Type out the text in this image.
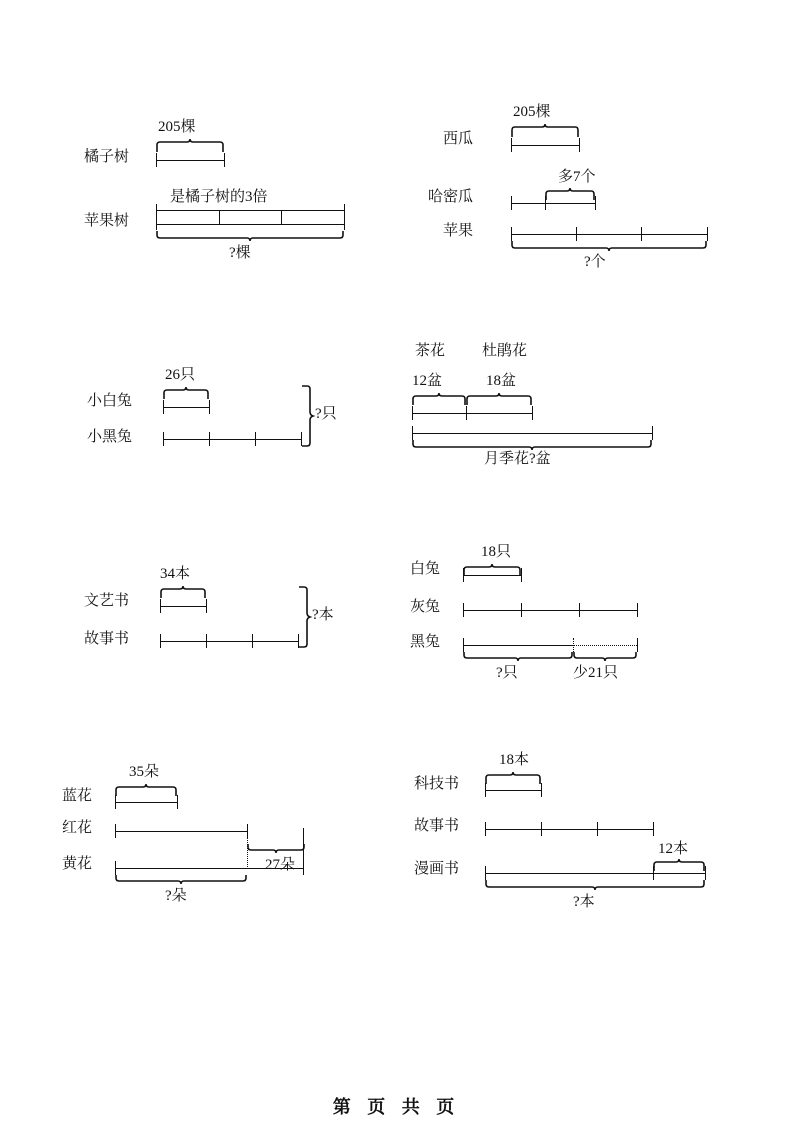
205棵
橘子树
是橘子树的3倍
苹果树
?棵
205棵
西瓜
多7个
哈密瓜
苹果
?个
26只
小白兔
小黑兔
?只
茶花 杜鹃花
12盆	18盆
月季花?盆
34本
文艺书
故事书
?本
18只
白兔
灰兔
黑兔
?只	少21只
35朵
蓝花
红花
黄花	27朵
?朵
18本
科技书
故事书
12本
漫画书
?本
第 页 共 页
